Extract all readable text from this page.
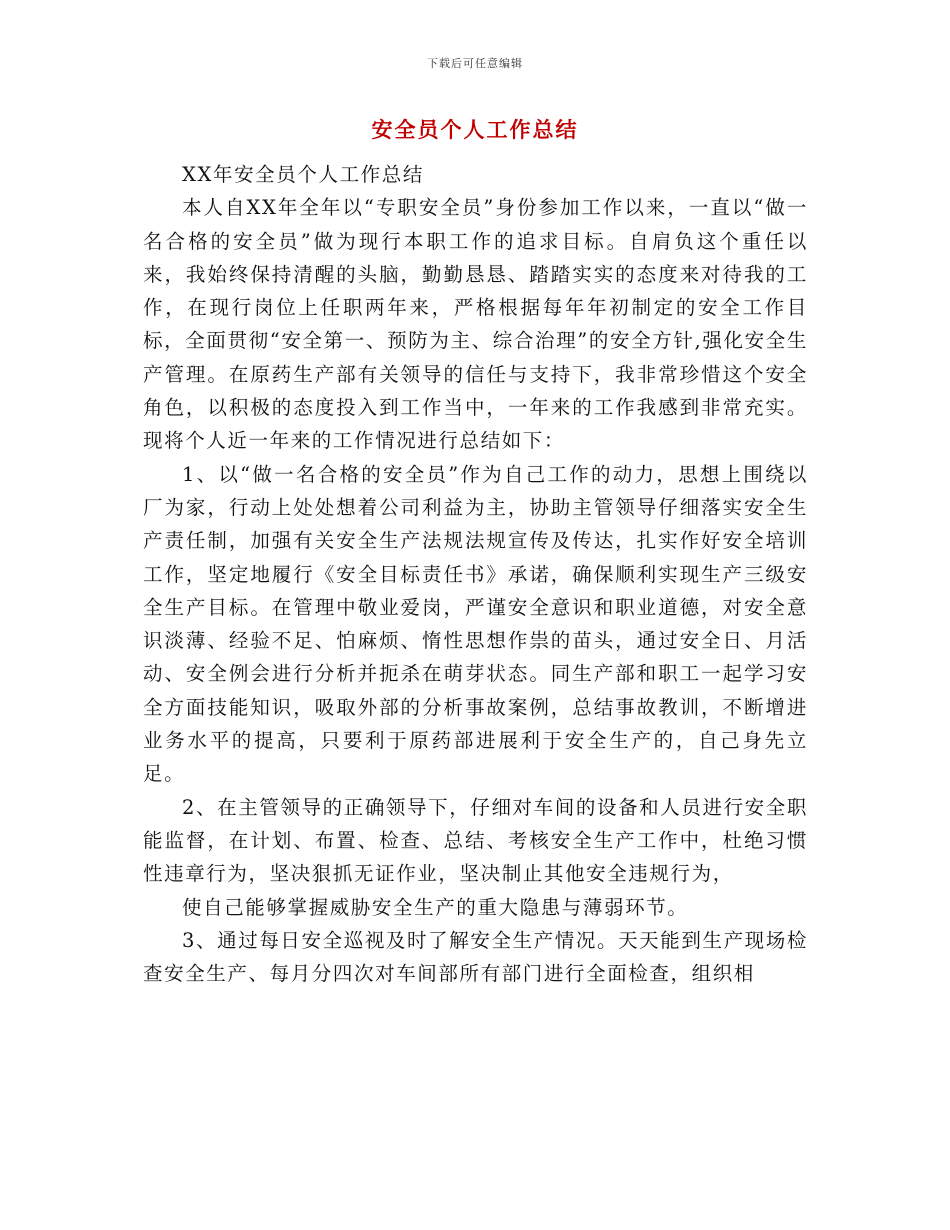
下载后可任意编辑
安全员个人工作总结

XX年安全员个人工作总结

本人自XX年全年以“专职安全员”身份参加工作以来，一直以“做一名合格的安全员”做为现行本职工作的追求目标。自肩负这个重任以来，我始终保持清醒的头脑，勤勤恳恳、踏踏实实的态度来对待我的工作，在现行岗位上任职两年来，严格根据每年年初制定的安全工作目标，全面贯彻“安全第一、预防为主、综合治理”的安全方针,强化安全生产管理。在原药生产部有关领导的信任与支持下，我非常珍惜这个安全角色，以积极的态度投入到工作当中，一年来的工作我感到非常充实。现将个人近一年来的工作情况进行总结如下：

1、以“做一名合格的安全员”作为自己工作的动力，思想上围绕以厂为家，行动上处处想着公司利益为主，协助主管领导仔细落实安全生产责任制，加强有关安全生产法规法规宣传及传达，扎实作好安全培训工作，坚定地履行《安全目标责任书》承诺，确保顺利实现生产三级安全生产目标。在管理中敬业爱岗，严谨安全意识和职业道德，对安全意识淡薄、经验不足、怕麻烦、惰性思想作祟的苗头，通过安全日、月活动、安全例会进行分析并扼杀在萌芽状态。同生产部和职工一起学习安全方面技能知识，吸取外部的分析事故案例，总结事故教训，不断增进业务水平的提高，只要利于原药部进展利于安全生产的，自己身先立足。

2、在主管领导的正确领导下，仔细对车间的设备和人员进行安全职能监督，在计划、布置、检查、总结、考核安全生产工作中，杜绝习惯性违章行为，坚决狠抓无证作业，坚决制止其他安全违规行为，

使自己能够掌握威胁安全生产的重大隐患与薄弱环节。

3、通过每日安全巡视及时了解安全生产情况。天天能到生产现场检查安全生产、每月分四次对车间部所有部门进行全面检查，组织相
